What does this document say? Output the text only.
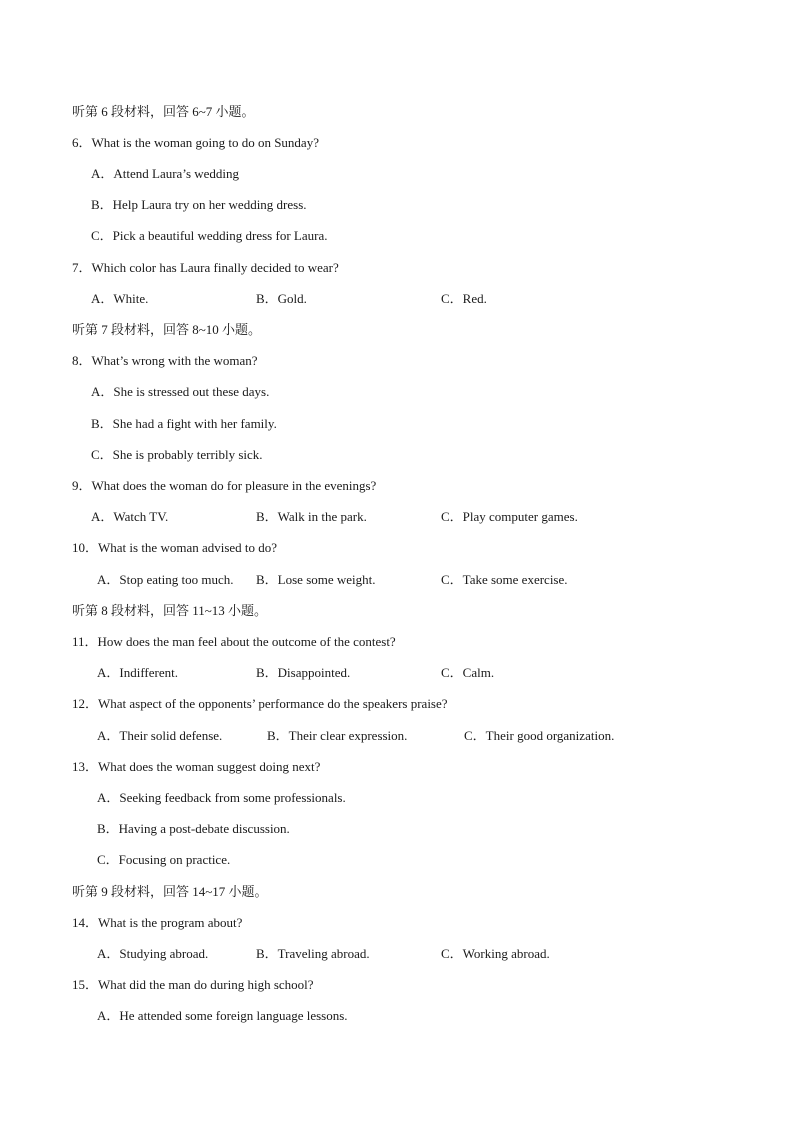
听第 6 段材料，回答 6~7 小题。
6．What is the woman going to do on Sunday?
A．Attend Laura’s wedding
B．Help Laura try on her wedding dress.
C．Pick a beautiful wedding dress for Laura.
7．Which color has Laura finally decided to wear?
A．White.	B．Gold.	C．Red.
听第 7 段材料，回答 8~10 小题。
8．What’s wrong with the woman?
A．She is stressed out these days.
B．She had a fight with her family.
C．She is probably terribly sick.
9．What does the woman do for pleasure in the evenings?
A．Watch TV.	B．Walk in the park.	C．Play computer games.
10．What is the woman advised to do?
A．Stop eating too much. B．Lose some weight.	C．Take some exercise.
听第 8 段材料，回答 11~13 小题。
11．How does the man feel about the outcome of the contest?
A．Indifferent.	B．Disappointed.	C．Calm.
12．What aspect of the opponents’ performance do the speakers praise?
A．Their solid defense.	B．Their clear expression.	C．Their good organization.
13．What does the woman suggest doing next?
A．Seeking feedback from some professionals.
B．Having a post-debate discussion.
C．Focusing on practice.
听第 9 段材料，回答 14~17 小题。
14．What is the program about?
A．Studying abroad.	B．Traveling abroad.	C．Working abroad.
15．What did the man do during high school?
A．He attended some foreign language lessons.
